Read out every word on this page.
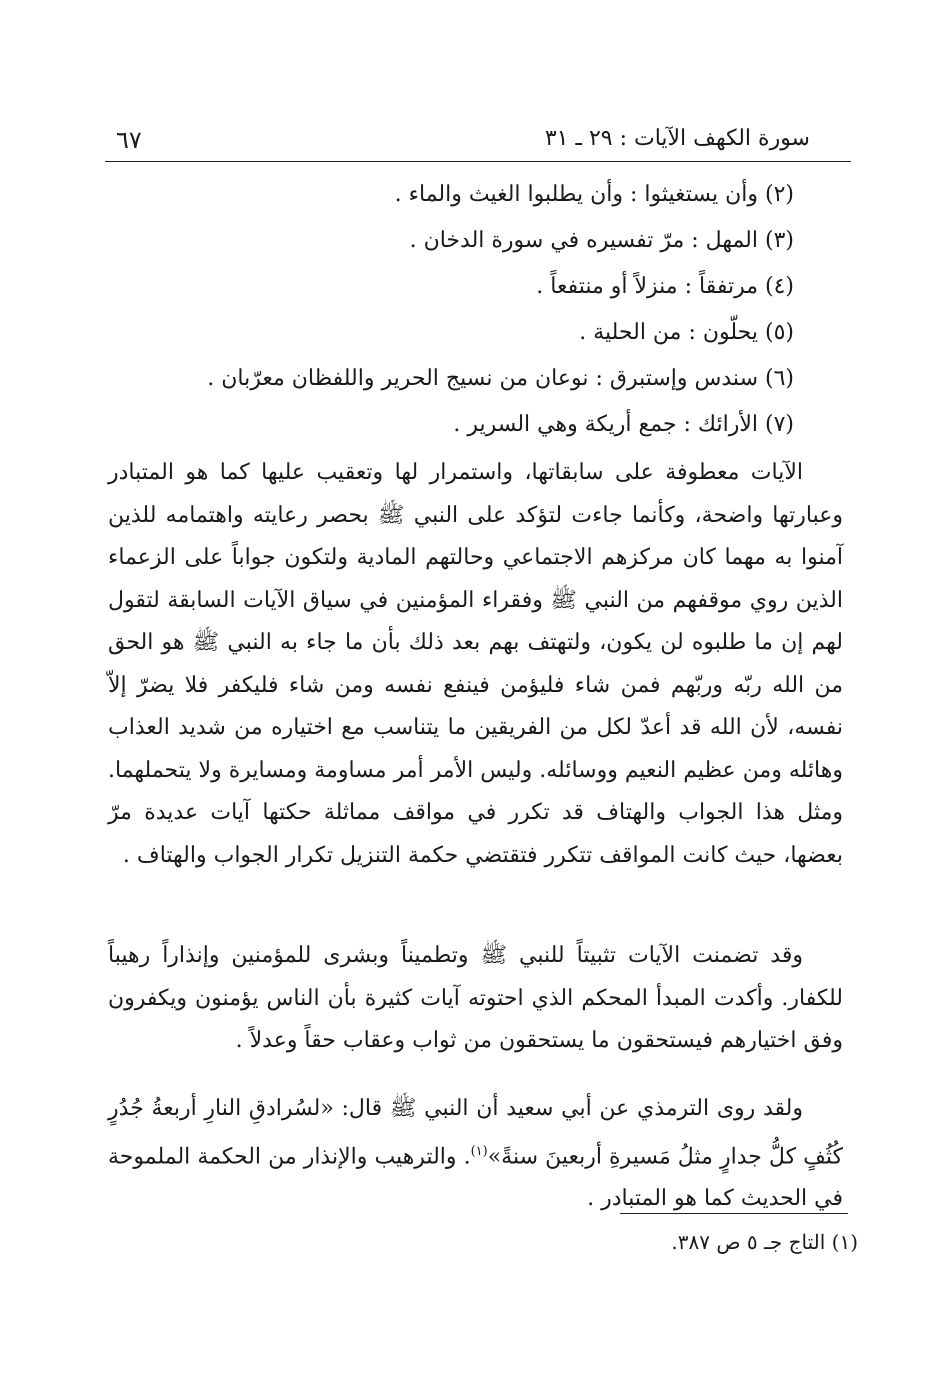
٦٧	سورة الكهف الآيات : ٢٩ ـ ٣١
(٢) وأن يستغيثوا : وأن يطلبوا الغيث والماء .
(٣) المهل : مرّ تفسيره في سورة الدخان .
(٤) مرتفقاً : منزلاً أو منتفعاً .
(٥) يحلّون : من الحلية .
(٦) سندس وإستبرق : نوعان من نسيج الحرير واللفظان معرّبان .
(٧) الأرائك : جمع أريكة وهي السرير .

الآيات معطوفة على سابقاتها، واستمرار لها وتعقيب عليها كما هو المتبادر وعبارتها واضحة، وكأنما جاءت لتؤكد على النبي ﷺ بحصر رعايته واهتمامه للذين آمنوا به مهما كان مركزهم الاجتماعي وحالتهم المادية ولتكون جواباً على الزعماء الذين روي موقفهم من النبي ﷺ وفقراء المؤمنين في سياق الآيات السابقة لتقول لهم إن ما طلبوه لن يكون، ولتهتف بهم بعد ذلك بأن ما جاء به النبي ﷺ هو الحق من الله ربّه وربّهم فمن شاء فليؤمن فينفع نفسه ومن شاء فليكفر فلا يضرّ إلاّ نفسه، لأن الله قد أعدّ لكل من الفريقين ما يتناسب مع اختياره من شديد العذاب وهائله ومن عظيم النعيم ووسائله. وليس الأمر أمر مساومة ومسايرة ولا يتحملهما. ومثل هذا الجواب والهتاف قد تكرر في مواقف مماثلة حكتها آيات عديدة مرّ بعضها، حيث كانت المواقف تتكرر فتقتضي حكمة التنزيل تكرار الجواب والهتاف .

وقد تضمنت الآيات تثبيتاً للنبي ﷺ وتطميناً وبشرى للمؤمنين وإنذاراً رهيباً للكفار. وأكدت المبدأ المحكم الذي احتوته آيات كثيرة بأن الناس يؤمنون ويكفرون وفق اختيارهم فيستحقون ما يستحقون من ثواب وعقاب حقاً وعدلاً .

ولقد روى الترمذي عن أبي سعيد أن النبي ﷺ قال: «لسُرادقِ النارِ أربعةُ جُدُرٍ كُثُفٍ كلُّ جدارٍ مثلُ مَسيرةِ أربعينَ سنةً»$^{(١)}$. والترهيب والإنذار من الحكمة الملموحة في الحديث كما هو المتبادر .

(١) التاج جـ ٥ ص ٣٨٧.
